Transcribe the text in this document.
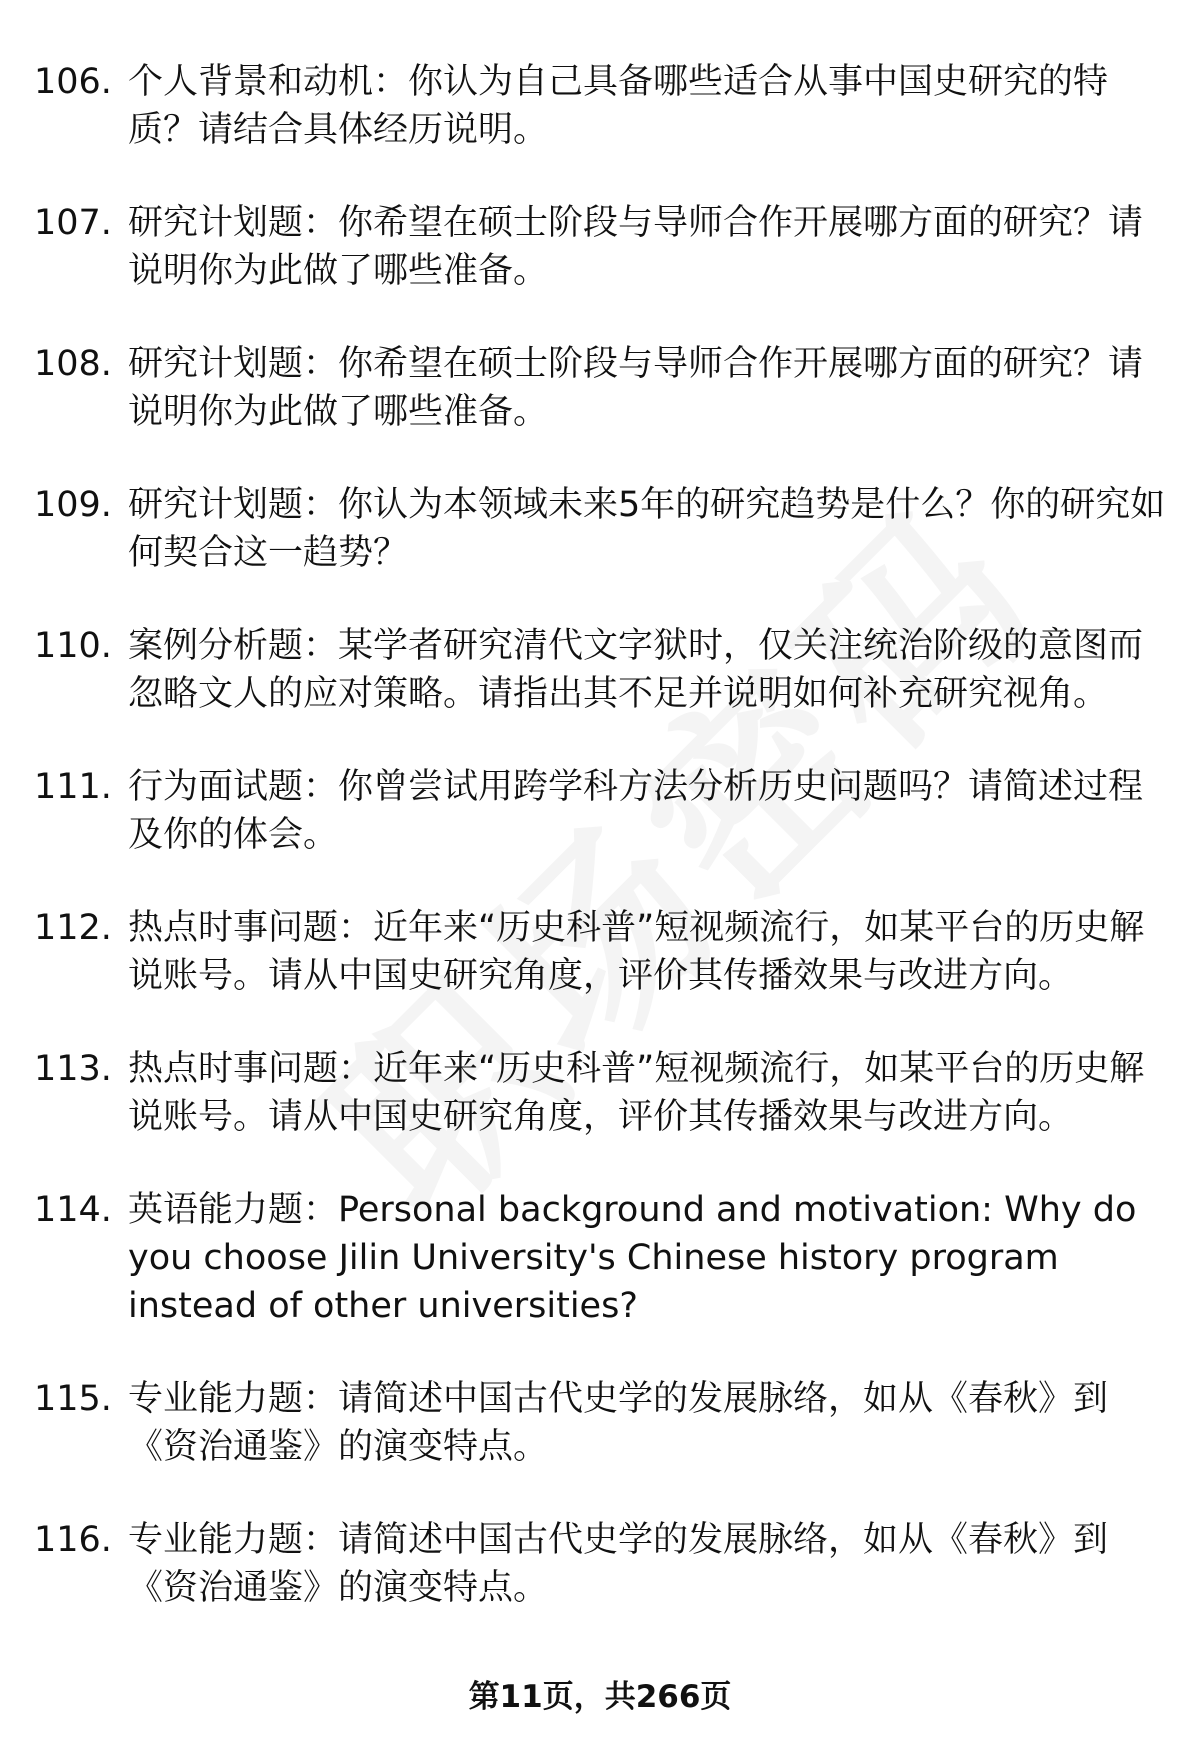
106. 个人背景和动机：你认为自己具备哪些适合从事中国史研究的特质？请结合具体经历说明。
107. 研究计划题：你希望在硕士阶段与导师合作开展哪方面的研究？请说明你为此做了哪些准备。
108. 研究计划题：你希望在硕士阶段与导师合作开展哪方面的研究？请说明你为此做了哪些准备。
109. 研究计划题：你认为本领域未来5年的研究趋势是什么？你的研究如何契合这一趋势？
110. 案例分析题：某学者研究清代文字狱时，仅关注统治阶级的意图而忽略文人的应对策略。请指出其不足并说明如何补充研究视角。
111. 行为面试题：你曾尝试用跨学科方法分析历史问题吗？请简述过程及你的体会。
112. 热点时事问题：近年来“历史科普”短视频流行，如某平台的历史解说账号。请从中国史研究角度，评价其传播效果与改进方向。
113. 热点时事问题：近年来“历史科普”短视频流行，如某平台的历史解说账号。请从中国史研究角度，评价其传播效果与改进方向。
114. 英语能力题：Personal background and motivation: Why do you choose Jilin University's Chinese history program instead of other universities?
115. 专业能力题：请简述中国古代史学的发展脉络，如从《春秋》到《资治通鉴》的演变特点。
116. 专业能力题：请简述中国古代史学的发展脉络，如从《春秋》到《资治通鉴》的演变特点。
第11页，共266页
